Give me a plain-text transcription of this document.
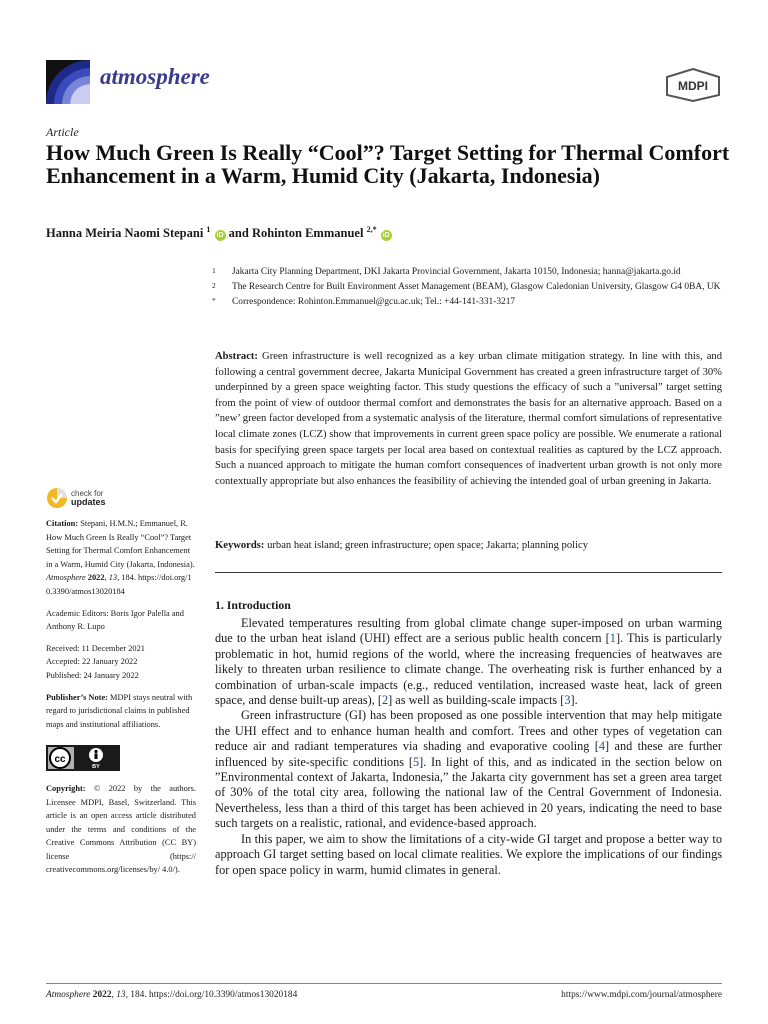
atmosphere	MDPI
Article
How Much Green Is Really “Cool”? Target Setting for Thermal Comfort Enhancement in a Warm, Humid City (Jakarta, Indonesia)
Hanna Meiria Naomi Stepani $^1$ iD and Rohinton Emmanuel $^{2,*}$ iD
1 Jakarta City Planning Department, DKI Jakarta Provincial Government, Jakarta 10150, Indonesia; hanna@jakarta.go.id
2 The Research Centre for Built Environment Asset Management (BEAM), Glasgow Caledonian University, Glasgow G4 0BA, UK
* Correspondence: Rohinton.Emmanuel@gcu.ac.uk; Tel.: +44-141-331-3217
Abstract: Green infrastructure is well recognized as a key urban climate mitigation strategy. In line with this, and following a central government decree, Jakarta Municipal Government has created a green infrastructure target of 30% underpinned by a green space weighting factor. This study questions the efficacy of such a ”universal” target setting from the point of view of outdoor thermal comfort and demonstrates the basis for an alternative approach. Based on a ”new’ green factor developed from a systematic analysis of the literature, thermal comfort simulations of representative local climate zones (LCZ) show that improvements in current green space policy are possible. We enumerate a rational basis for specifying green space targets per local area based on contextual realities as captured by the LCZ approach. Such a nuanced approach to mitigate the human comfort consequences of inadvertent urban growth is not only more contextually appropriate but also enhances the feasibility of achieving the intended goal of urban greening in Jakarta.
Keywords: urban heat island; green infrastructure; open space; Jakarta; planning policy
check for
updates
Citation: Stepani, H.M.N.; Emmanuel, R. How Much Green Is Really “Cool”? Target Setting for Thermal Comfort Enhancement in a Warm, Humid City (Jakarta, Indonesia). Atmosphere 2022, 13, 184. https://doi.org/10.3390/atmos13020184
Academic Editors: Boris Igor Palella and Anthony R. Lupo
Received: 11 December 2021
Accepted: 22 January 2022
Published: 24 January 2022
Publisher’s Note: MDPI stays neutral with regard to jurisdictional claims in published maps and institutional affiliations.
cc
BY
Copyright: © 2022 by the authors. Licensee MDPI, Basel, Switzerland. This article is an open access article distributed under the terms and conditions of the Creative Commons Attribution (CC BY) license (https:// creativecommons.org/licenses/by/ 4.0/).
1. Introduction

Elevated temperatures resulting from global climate change super-imposed on urban warming due to the urban heat island (UHI) effect are a serious public health concern [1]. This is particularly problematic in hot, humid regions of the world, where the increasing frequencies of heatwaves are likely to threaten urban resilience to climate change. The overheating risk is further enhanced by a combination of urban-scale impacts (e.g., reduced ventilation, increased waste heat, lack of green space, and dense built-up areas), [2] as well as building-scale impacts [3].

Green infrastructure (GI) has been proposed as one possible intervention that may help mitigate the UHI effect and to enhance human health and comfort. Trees and other types of vegetation can reduce air and radiant temperatures via shading and evaporative cooling [4] and these are further influenced by site-specific conditions [5]. In light of this, and as indicated in the section below on ”Environmental context of Jakarta, Indonesia,” the Jakarta city government has set a green area target of 30% of the total city area, following the national law of the Central Government of Indonesia. Nevertheless, less than a third of this target has been achieved in 20 years, indicating the need to base such targets on a realistic, rational, and evidence-based approach.

In this paper, we aim to show the limitations of a city-wide GI target and propose a better way to approach GI target setting based on local climate realities. We explore the implications of our findings for open space policy in warm, humid climates in general.

Atmosphere 2022, 13, 184. https://doi.org/10.3390/atmos13020184	https://www.mdpi.com/journal/atmosphere
